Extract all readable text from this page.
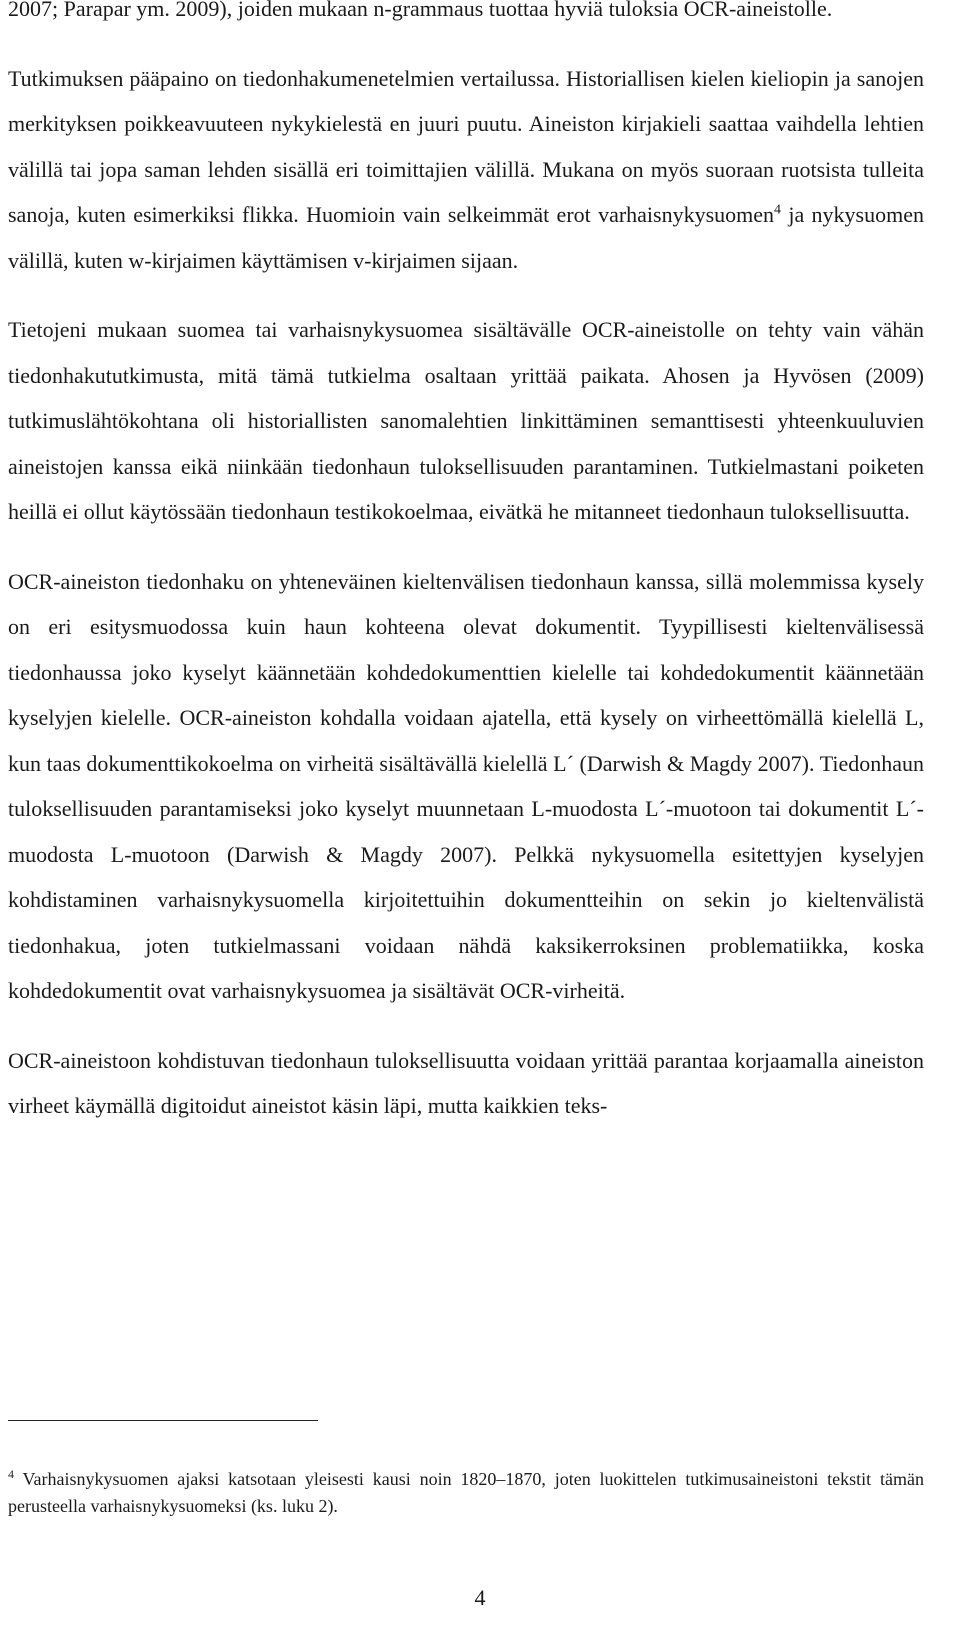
2007; Parapar ym. 2009), joiden mukaan n-grammaus tuottaa hyviä tuloksia OCR-aineistolle.

Tutkimuksen pääpaino on tiedonhakumenetelmien vertailussa. Historiallisen kielen kieliopin ja sanojen merkityksen poikkeavuuteen nykykielestä en juuri puutu. Aineiston kirjakieli saattaa vaihdella lehtien välillä tai jopa saman lehden sisällä eri toimittajien välillä. Mukana on myös suoraan ruotsista tulleita sanoja, kuten esimerkiksi flikka. Huomioin vain selkeimmät erot varhaisnykysuomen$^4$ ja nykysuomen välillä, kuten w-kirjaimen käyttämisen v-kirjaimen sijaan.

Tietojeni mukaan suomea tai varhaisnykysuomea sisältävälle OCR-aineistolle on tehty vain vähän tiedonhakututkimusta, mitä tämä tutkielma osaltaan yrittää paikata. Ahosen ja Hyvösen (2009) tutkimuslähtökohtana oli historiallisten sanomalehtien linkittäminen semanttisesti yhteenkuuluvien aineistojen kanssa eikä niinkään tiedonhaun tuloksellisuuden parantaminen. Tutkielmastani poiketen heillä ei ollut käytössään tiedonhaun testikokoelmaa, eivätkä he mitanneet tiedonhaun tuloksellisuutta.

OCR-aineiston tiedonhaku on yhteneväinen kieltenvälisen tiedonhaun kanssa, sillä molemmissa kysely on eri esitysmuodossa kuin haun kohteena olevat dokumentit. Tyypillisesti kieltenvälisessä tiedonhaussa joko kyselyt käännetään kohdedokumenttien kielelle tai kohdedokumentit käännetään kyselyjen kielelle. OCR-aineiston kohdalla voidaan ajatella, että kysely on virheettömällä kielellä L, kun taas dokumenttikokoelma on virheitä sisältävällä kielellä L´ (Darwish & Magdy 2007). Tiedonhaun tuloksellisuuden parantamiseksi joko kyselyt muunnetaan L-muodosta L´-muotoon tai dokumentit L´-muodosta L-muotoon (Darwish & Magdy 2007). Pelkkä nykysuomella esitettyjen kyselyjen kohdistaminen varhaisnykysuomella kirjoitettuihin dokumentteihin on sekin jo kieltenvälistä tiedonhakua, joten tutkielmassani voidaan nähdä kaksikerroksinen problematiikka, koska kohdedokumentit ovat varhaisnykysuomea ja sisältävät OCR-virheitä.

OCR-aineistoon kohdistuvan tiedonhaun tuloksellisuutta voidaan yrittää parantaa korjaamalla aineiston virheet käymällä digitoidut aineistot käsin läpi, mutta kaikkien teks-

$^4$ Varhaisnykysuomen ajaksi katsotaan yleisesti kausi noin 1820–1870, joten luokittelen tutkimusaineistoni tekstit tämän perusteella varhaisnykysuomeksi (ks. luku 2).

4
